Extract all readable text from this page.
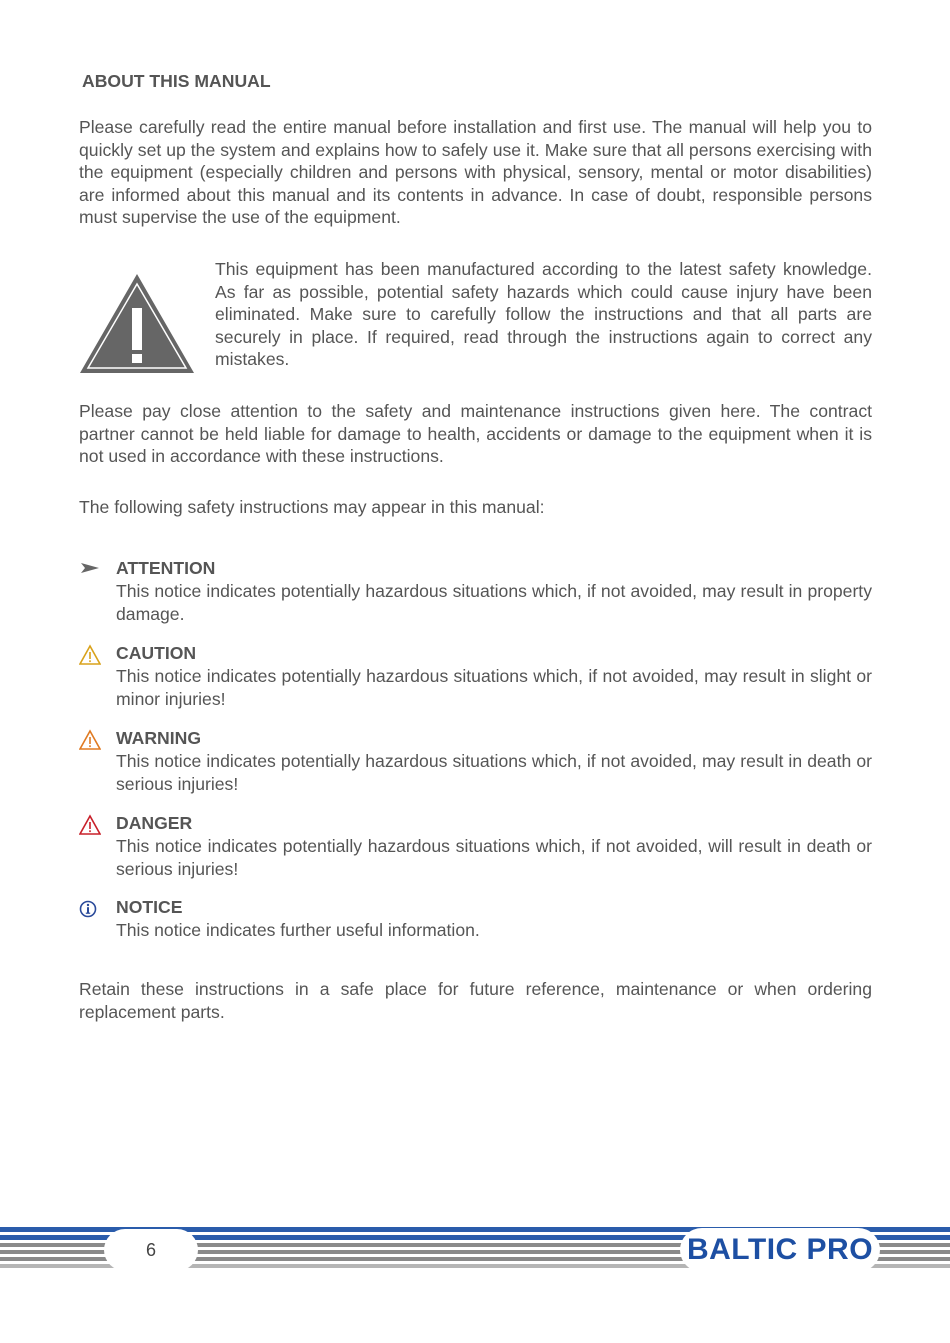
ABOUT THIS MANUAL
Please carefully read the entire manual before installation and first use. The manual will help you to quickly set up the system and explains how to safely use it. Make sure that all persons exercising with the equipment (especially children and persons with physical, sensory, mental or motor disabilities) are informed about this manual and its contents in advance. In case of doubt, responsible persons must supervise the use of the equipment.
This equipment has been manufactured according to the latest safety knowledge. As far as possible, potential safety hazards which could cause injury have been eliminated. Make sure to carefully follow the instructions and that all parts are securely in place. If required, read through the instructions again to correct any mistakes.
Please pay close attention to the safety and maintenance instructions given here. The contract partner cannot be held liable for damage to health, accidents or damage to the equipment when it is not used in accordance with these instructions.
The following safety instructions may appear in this manual:
ATTENTION
This notice indicates potentially hazardous situations which, if not avoided, may result in property damage.
CAUTION
This notice indicates potentially hazardous situations which, if not avoided, may result in slight or minor injuries!
WARNING
This notice indicates potentially hazardous situations which, if not avoided, may result in death or serious injuries!
DANGER
This notice indicates potentially hazardous situations which, if not avoided, will result in death or serious injuries!
NOTICE
This notice indicates further useful information.
Retain these instructions in a safe place for future reference, maintenance or when ordering replacement parts.
6	BALTIC PRO
